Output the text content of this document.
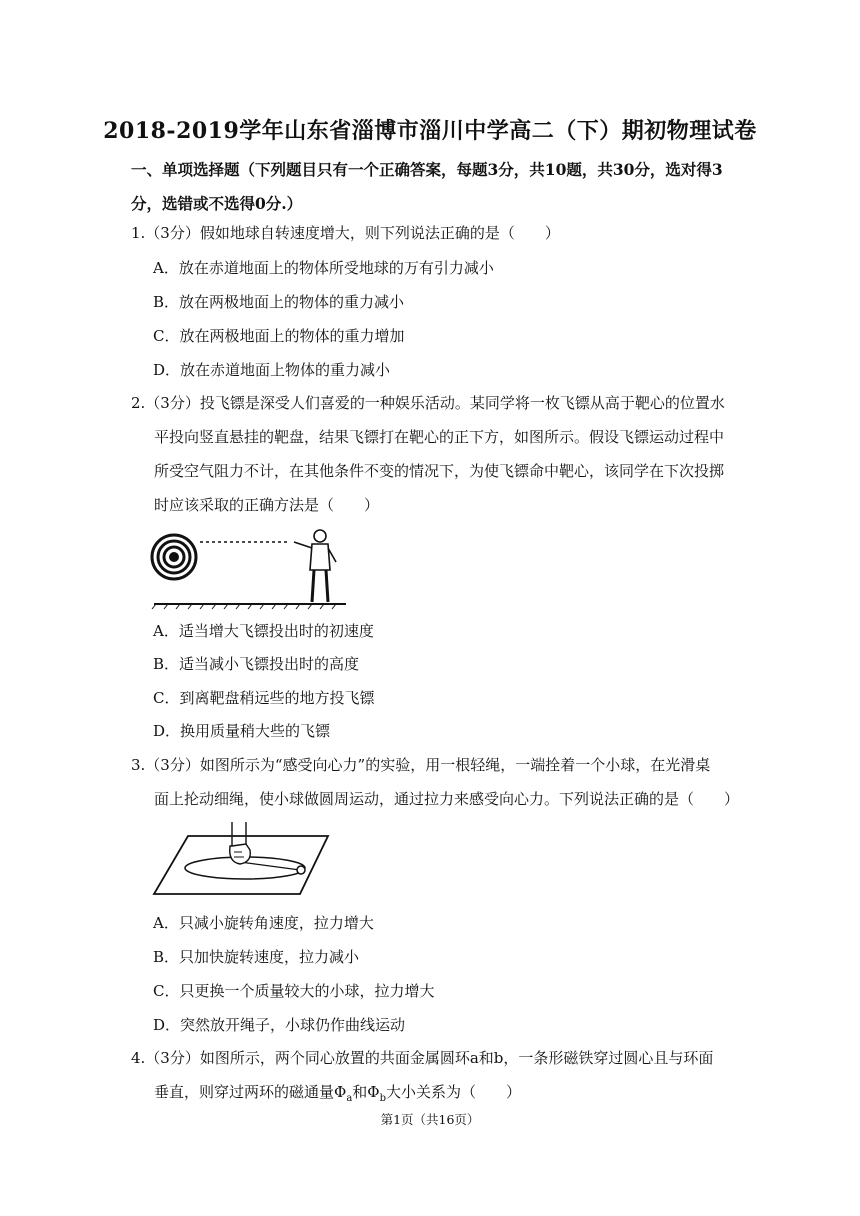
2018-2019学年山东省淄博市淄川中学高二（下）期初物理试卷
一、单项选择题（下列题目只有一个正确答案，每题3分，共10题，共30分，选对得3分，选错或不选得0分.）
1.（3分）假如地球自转速度增大，则下列说法正确的是（　　）
A．放在赤道地面上的物体所受地球的万有引力减小
B．放在两极地面上的物体的重力减小
C．放在两极地面上的物体的重力增加
D．放在赤道地面上物体的重力减小
2.（3分）投飞镖是深受人们喜爱的一种娱乐活动。某同学将一枚飞镖从高于靶心的位置水
平投向竖直悬挂的靶盘，结果飞镖打在靶心的正下方，如图所示。假设飞镖运动过程中
所受空气阻力不计，在其他条件不变的情况下，为使飞镖命中靶心，该同学在下次投掷
时应该采取的正确方法是（　　）
A．适当增大飞镖投出时的初速度
B．适当减小飞镖投出时的高度
C．到离靶盘稍远些的地方投飞镖
D．换用质量稍大些的飞镖
3.（3分）如图所示为“感受向心力”的实验，用一根轻绳，一端拴着一个小球，在光滑桌
面上抡动细绳，使小球做圆周运动，通过拉力来感受向心力。下列说法正确的是（　　）
A．只减小旋转角速度，拉力增大
B．只加快旋转速度，拉力减小
C．只更换一个质量较大的小球，拉力增大
D．突然放开绳子，小球仍作曲线运动
4.（3分）如图所示，两个同心放置的共面金属圆环a和b，一条形磁铁穿过圆心且与环面
垂直，则穿过两环的磁通量$\Phi_a$和$\Phi_b$大小关系为（　　）
第1页（共16页）
